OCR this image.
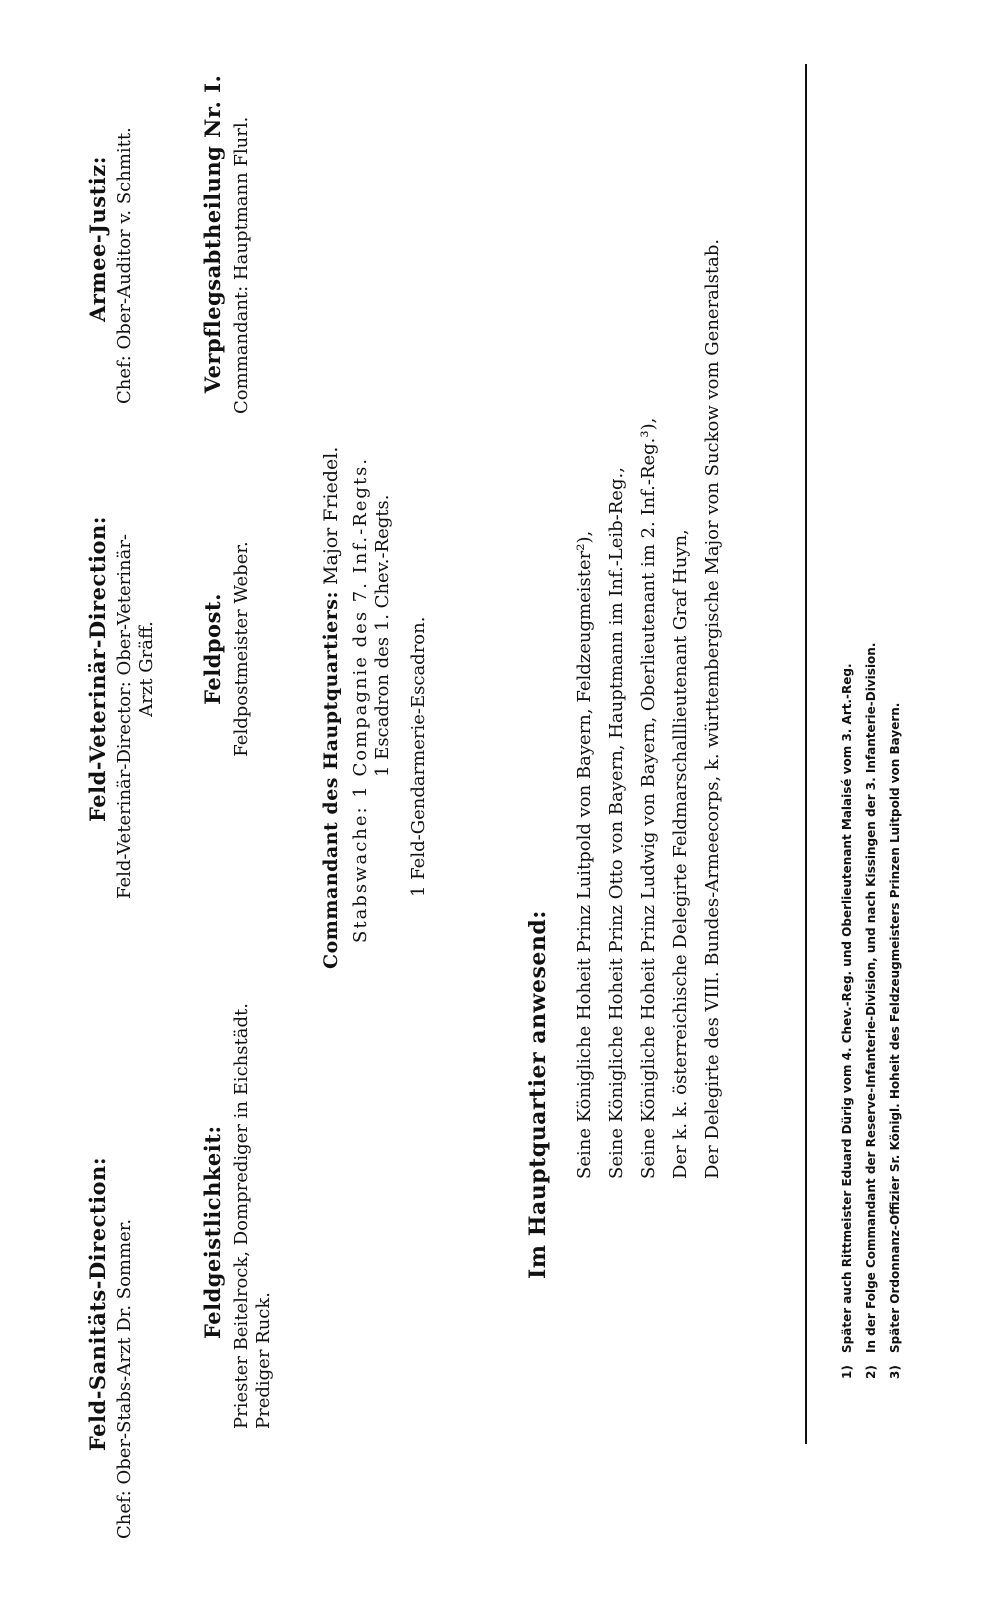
Feld-Sanitäts-Direction: Chef: Ober-Stabs-Arzt Dr. Sommer.
Feld-Veterinär-Direction: Feld-Veterinär-Director: Ober-Veterinär- Arzt Gräff.
Armee-Justiz: Chef: Ober-Auditor v. Schmitt.
Feldgeistlichkeit: Priester Beitelrock, Domprediger in Eichstädt. Prediger Ruck.
Feldpost. Feldpostmeister Weber.
Verpflegsabtheilung Nr. I. Commandant: Hauptmann Flurl.
Commandant des Hauptquartiers: Major Friedel. Stabswache: 1 Compagnie des 7. Inf.-Regts. 1 Escadron des 1. Chev.-Regts. 1 Feld-Gendarmerie-Escadron.
Im Hauptquartier anwesend: Seine Königliche Hoheit Prinz Luitpold von Bayern, Feldzeugmeister²), Seine Königliche Hoheit Prinz Otto von Bayern, Hauptmann im Inf.-Leib-Reg., Seine Königliche Hoheit Prinz Ludwig von Bayern, Oberlieutenant im 2. Inf.-Reg.³), Der k. k. österreichische Delegirte Feldmarschalllieutenant Graf Huyn, Der Delegirte des VIII. Bundes-Armeecorps, k. württembergische Major von Suckow vom Generalstab.
1)Später auch Rittmeister Eduard Dürig vom 4. Chev.-Reg. und Oberlieutenant Malaisé vom 3. Art.-Reg.
2)In der Folge Commandant der Reserve-Infanterie-Division, und nach Kissingen der 3. Infanterie-Division.
3)Später Ordonnanz-Offizier Sr. Königl. Hoheit des Feldzeugmeisters Prinzen Luitpold von Bayern.
